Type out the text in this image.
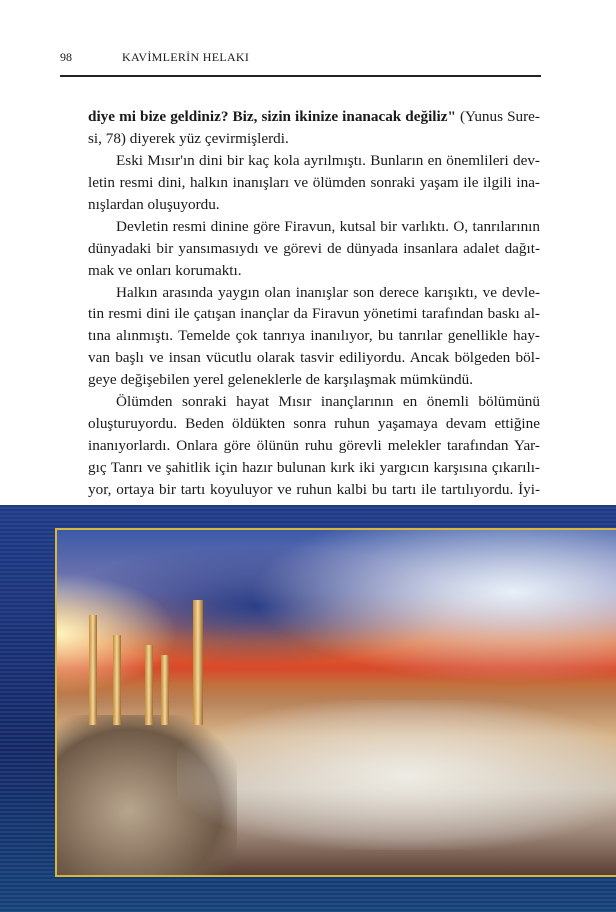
98	KAVİMLERİN HELAKI
diye mi bize geldiniz? Biz, sizin ikinize inanacak değiliz" (Yunus Sure-
si, 78) diyerek yüz çevirmişlerdi.
Eski Mısır'ın dini bir kaç kola ayrılmıştı. Bunların en önemlileri dev-
letin resmi dini, halkın inanışları ve ölümden sonraki yaşam ile ilgili ina-
nışlardan oluşuyordu.
Devletin resmi dinine göre Firavun, kutsal bir varlıktı. O, tanrılarının
dünyadaki bir yansımasıydı ve görevi de dünyada insanlara adalet dağıt-
mak ve onları korumaktı.
Halkın arasında yaygın olan inanışlar son derece karışıktı, ve devle-
tin resmi dini ile çatışan inançlar da Firavun yönetimi tarafından baskı al-
tına alınmıştı. Temelde çok tanrıya inanılıyor, bu tanrılar genellikle hay-
van başlı ve insan vücutlu olarak tasvir ediliyordu. Ancak bölgeden böl-
geye değişebilen yerel geleneklerle de karşılaşmak mümkündü.
Ölümden sonraki hayat Mısır inançlarının en önemli bölümünü
oluşturuyordu. Beden öldükten sonra ruhun yaşamaya devam ettiğine
inanıyorlardı. Onlara göre ölünün ruhu görevli melekler tarafından Yar-
gıç Tanrı ve şahitlik için hazır bulunan kırk iki yargıcın karşısına çıkarılı-
yor, ortaya bir tartı koyuluyor ve ruhun kalbi bu tartı ile tartılıyordu. İyi-
